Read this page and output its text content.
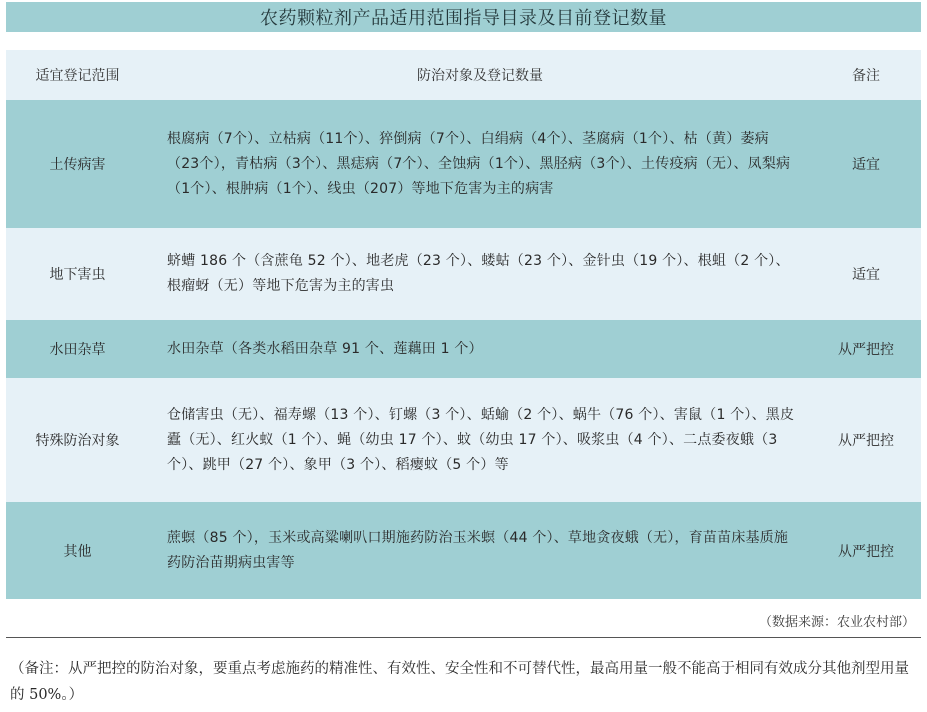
农药颗粒剂产品适用范围指导目录及目前登记数量
适宜登记范围	防治对象及登记数量	备注
土传病害	根腐病（7个）、立枯病（11个）、猝倒病（7个）、白绢病（4个）、茎腐病（1个）、枯（黄）萎病（23个），青枯病（3个）、黑痣病（7个）、全蚀病（1个）、黑胫病（3个）、土传疫病（无）、凤梨病（1个）、根肿病（1个）、线虫（207）等地下危害为主的病害	适宜
地下害虫	蛴螬 186 个（含蔗龟 52 个）、地老虎（23 个）、蝼蛄（23 个）、金针虫（19 个）、根蛆（2 个）、根瘤蚜（无）等地下危害为主的害虫	适宜
水田杂草	水田杂草（各类水稻田杂草 91 个、莲藕田 1 个）	从严把控
特殊防治对象	仓储害虫（无）、福寿螺（13 个）、钉螺（3 个）、蛞蝓（2 个）、蜗牛（76 个）、害鼠（1 个）、黑皮蠹（无）、红火蚁（1 个）、蝇（幼虫 17 个）、蚊（幼虫 17 个）、吸浆虫（4 个）、二点委夜蛾（3 个）、跳甲（27 个）、象甲（3 个）、稻瘿蚊（5 个）等	从严把控
其他	蔗螟（85 个），玉米或高粱喇叭口期施药防治玉米螟（44 个）、草地贪夜蛾（无），育苗苗床基质施药防治苗期病虫害等	从严把控
（数据来源：农业农村部）
（备注：从严把控的防治对象，要重点考虑施药的精准性、有效性、安全性和不可替代性，最高用量一般不能高于相同有效成分其他剂型用量的 50%。）
